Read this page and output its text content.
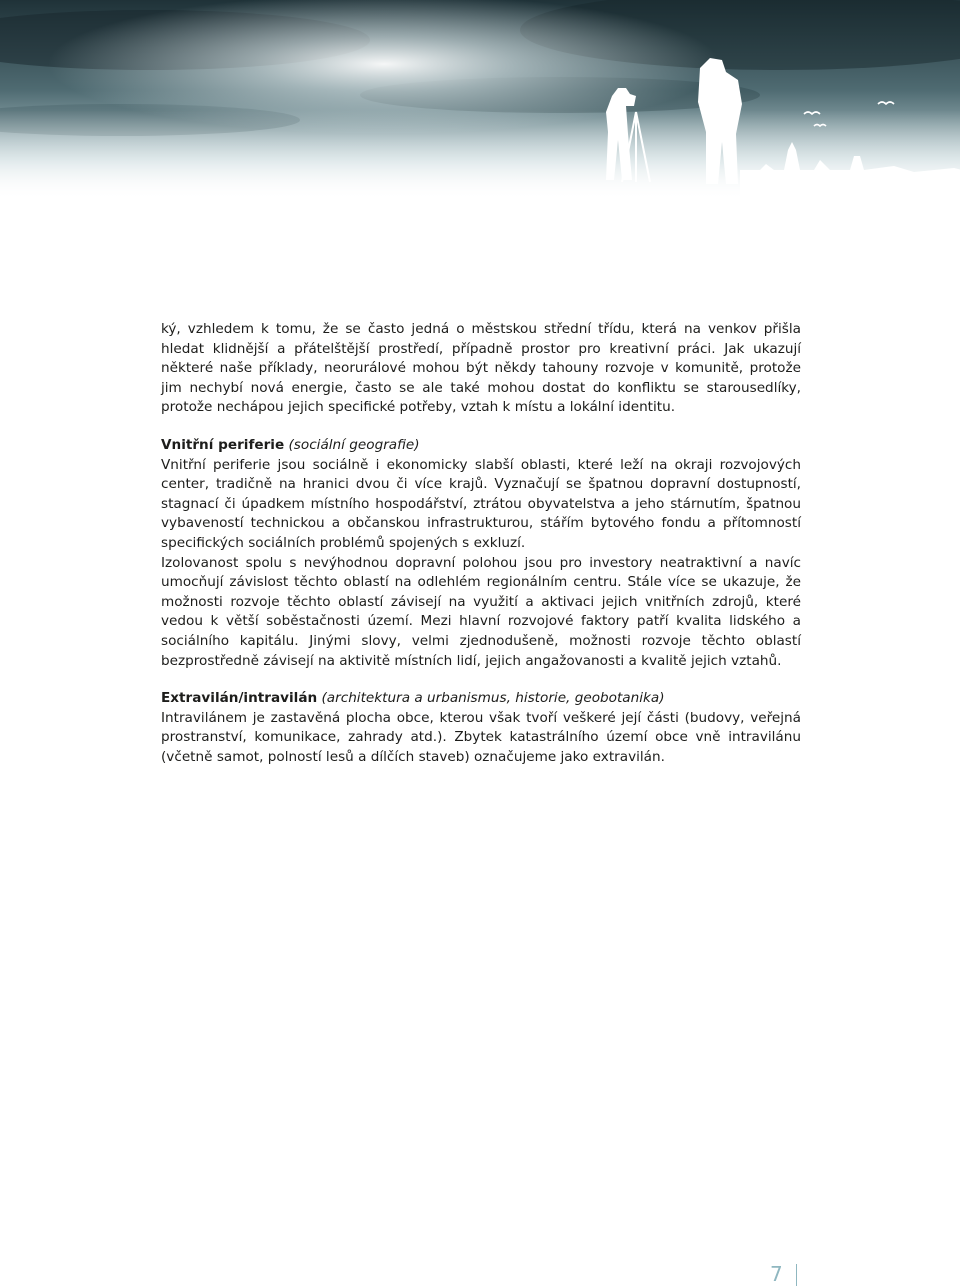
ký, vzhledem k tomu, že se často jedná o městskou střední třídu, která na venkov přišla hledat klidnější a přátelštější prostředí, případně prostor pro kreativní práci. Jak ukazují některé naše příklady, neorurálové mohou být někdy tahouny rozvoje v komunitě, protože jim nechybí nová energie, často se ale také mohou dostat do konfliktu se starousedlíky, protože nechápou jejich specifické potřeby, vztah k místu a lokální identitu.

Vnitřní periferie (sociální geografie)

Vnitřní periferie jsou sociálně i ekonomicky slabší oblasti, které leží na okraji rozvojových center, tradičně na hranici dvou či více krajů. Vyznačují se špatnou dopravní dostupností, stagnací či úpadkem místního hospodářství, ztrátou obyvatelstva a jeho stárnutím, špatnou vybaveností technickou a občanskou infrastrukturou, stářím bytového fondu a přítomností specifických sociálních problémů spojených s exkluzí.

Izolovanost spolu s nevýhodnou dopravní polohou jsou pro investory neatraktivní a navíc umocňují závislost těchto oblastí na odlehlém regionálním centru. Stále více se ukazuje, že možnosti rozvoje těchto oblastí závisejí na využití a aktivaci jejich vnitřních zdrojů, které vedou k větší soběstačnosti území. Mezi hlavní rozvojové faktory patří kvalita lidského a sociálního kapitálu. Jinými slovy, velmi zjednodušeně, možnosti rozvoje těchto oblastí bezprostředně závisejí na aktivitě místních lidí, jejich angažovanosti a kvalitě jejich vztahů.

Extravilán/intravilán (architektura a urbanismus, historie, geobotanika)

Intravilánem je zastavěná plocha obce, kterou však tvoří veškeré její části (budovy, veřejná prostranství, komunikace, zahrady atd.). Zbytek katastrálního území obce vně intravilánu (včetně samot, polností lesů a dílčích staveb) označujeme jako extravilán.

7
